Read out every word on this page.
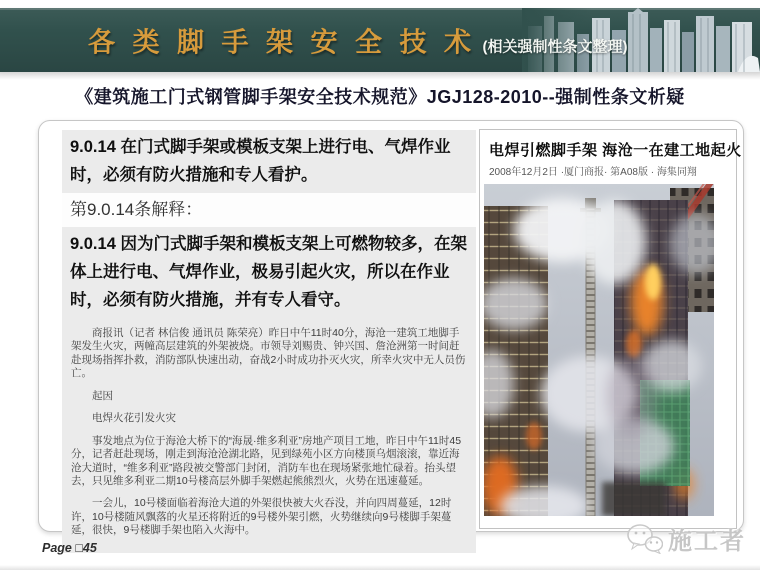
各 类 脚 手 架 安 全 技 术 (相关强制性条文整理)
《建筑施工门式钢管脚手架安全技术规范》JGJ128-2010--强制性条文析疑
9.0.14 在门式脚手架或模板支架上进行电、气焊作业时，必须有防火措施和专人看护。
第9.0.14条解释：
9.0.14 因为门式脚手架和模板支架上可燃物较多，在架体上进行电、气焊作业，极易引起火灾，所以在作业时，必须有防火措施，并有专人看守。

商报讯（记者 林信俊 通讯员 陈荣亮）昨日中午11时40分，海沧一建筑工地脚手架发生火灾，两幢高层建筑的外架被烧。市领导刘赐贵、钟兴国、詹沧洲第一时间赶赴现场指挥扑救，消防部队快速出动，奋战2小时成功扑灭火灾，所幸火灾中无人员伤亡。

起因

电焊火花引发火灾

事发地点为位于海沧大桥下的“海晟·维多利亚”房地产项目工地，昨日中午11时45分，记者赶赴现场，刚走到海沧沧湖北路，见到绿苑小区方向楼顶乌烟滚滚，靠近海沧大道时，“维多利亚”路段被交警部门封闭，消防车也在现场紧张地忙碌着。抬头望去，只见维多利亚二期10号楼高层外脚手架燃起熊熊烈火，火势在迅速蔓延。

一会儿，10号楼面临着海沧大道的外架很快被大火吞没，并向四周蔓延，12时许，10号楼随风飘落的火星还将附近的9号楼外架引燃，火势继续向9号楼脚手架蔓延，很快，9号楼脚手架也陷入火海中。

电焊引燃脚手架 海沧一在建工地起火
2008年12月2日 ·厦门商报· 第A08版 · 海集同翔
Page □45	施工者
